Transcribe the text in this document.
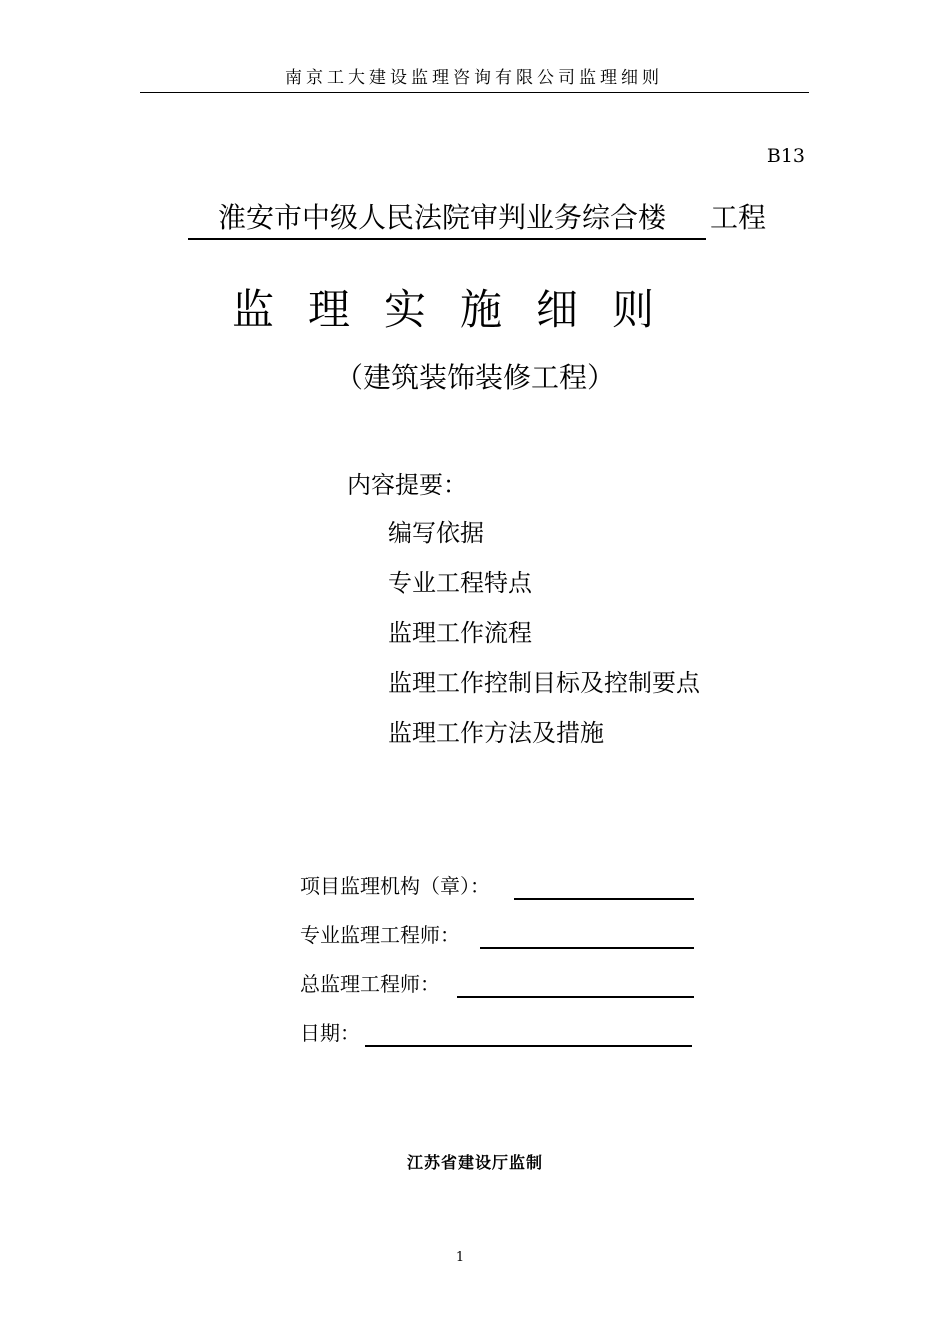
南京工大建设监理咨询有限公司监理细则
B13
淮安市中级人民法院审判业务综合楼 工程
监理实施细则
（建筑装饰装修工程）
内容提要：
编写依据
专业工程特点
监理工作流程
监理工作控制目标及控制要点
监理工作方法及措施
项目监理机构（章）：
专业监理工程师：
总监理工程师：
日期：
江苏省建设厅监制
1
